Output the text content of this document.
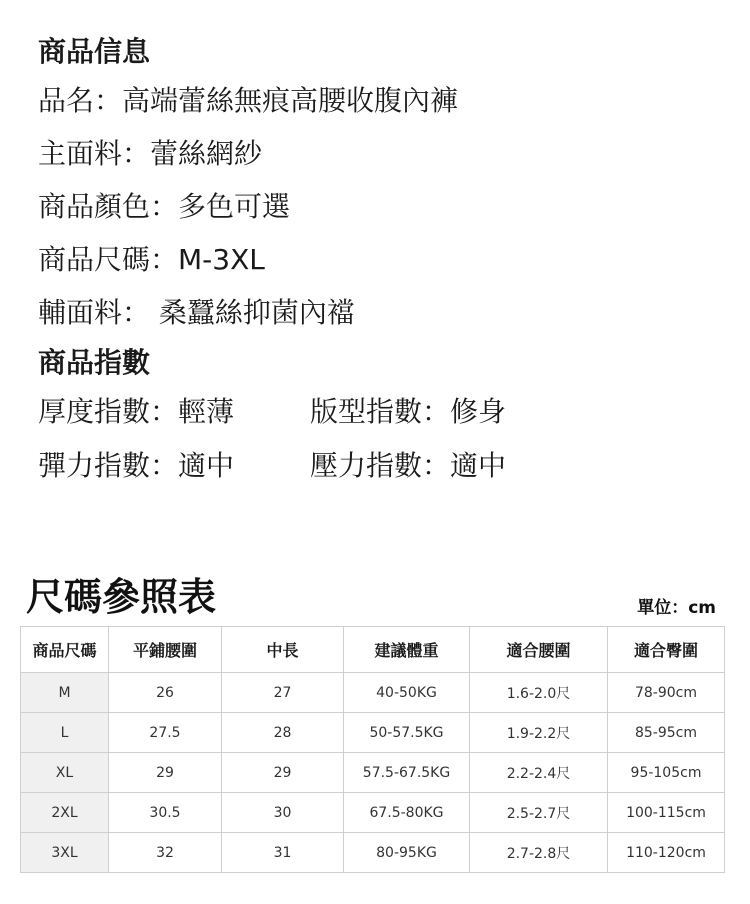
商品信息
品名：高端蕾絲無痕高腰收腹內褲
主面料：蕾絲網紗
商品顏色：多色可選
商品尺碼：M-3XL
輔面料： 桑蠶絲抑菌內襠
商品指數
厚度指數：輕薄	版型指數：修身
彈力指數：適中	壓力指數：適中
尺碼參照表	單位：cm
商品尺碼	平鋪腰圍	中長	建議體重	適合腰圍	適合臀圍
M	26	27	40-50KG	1.6-2.0尺	78-90cm
L	27.5	28	50-57.5KG	1.9-2.2尺	85-95cm
XL	29	29	57.5-67.5KG	2.2-2.4尺	95-105cm
2XL	30.5	30	67.5-80KG	2.5-2.7尺	100-115cm
3XL	32	31	80-95KG	2.7-2.8尺	110-120cm
